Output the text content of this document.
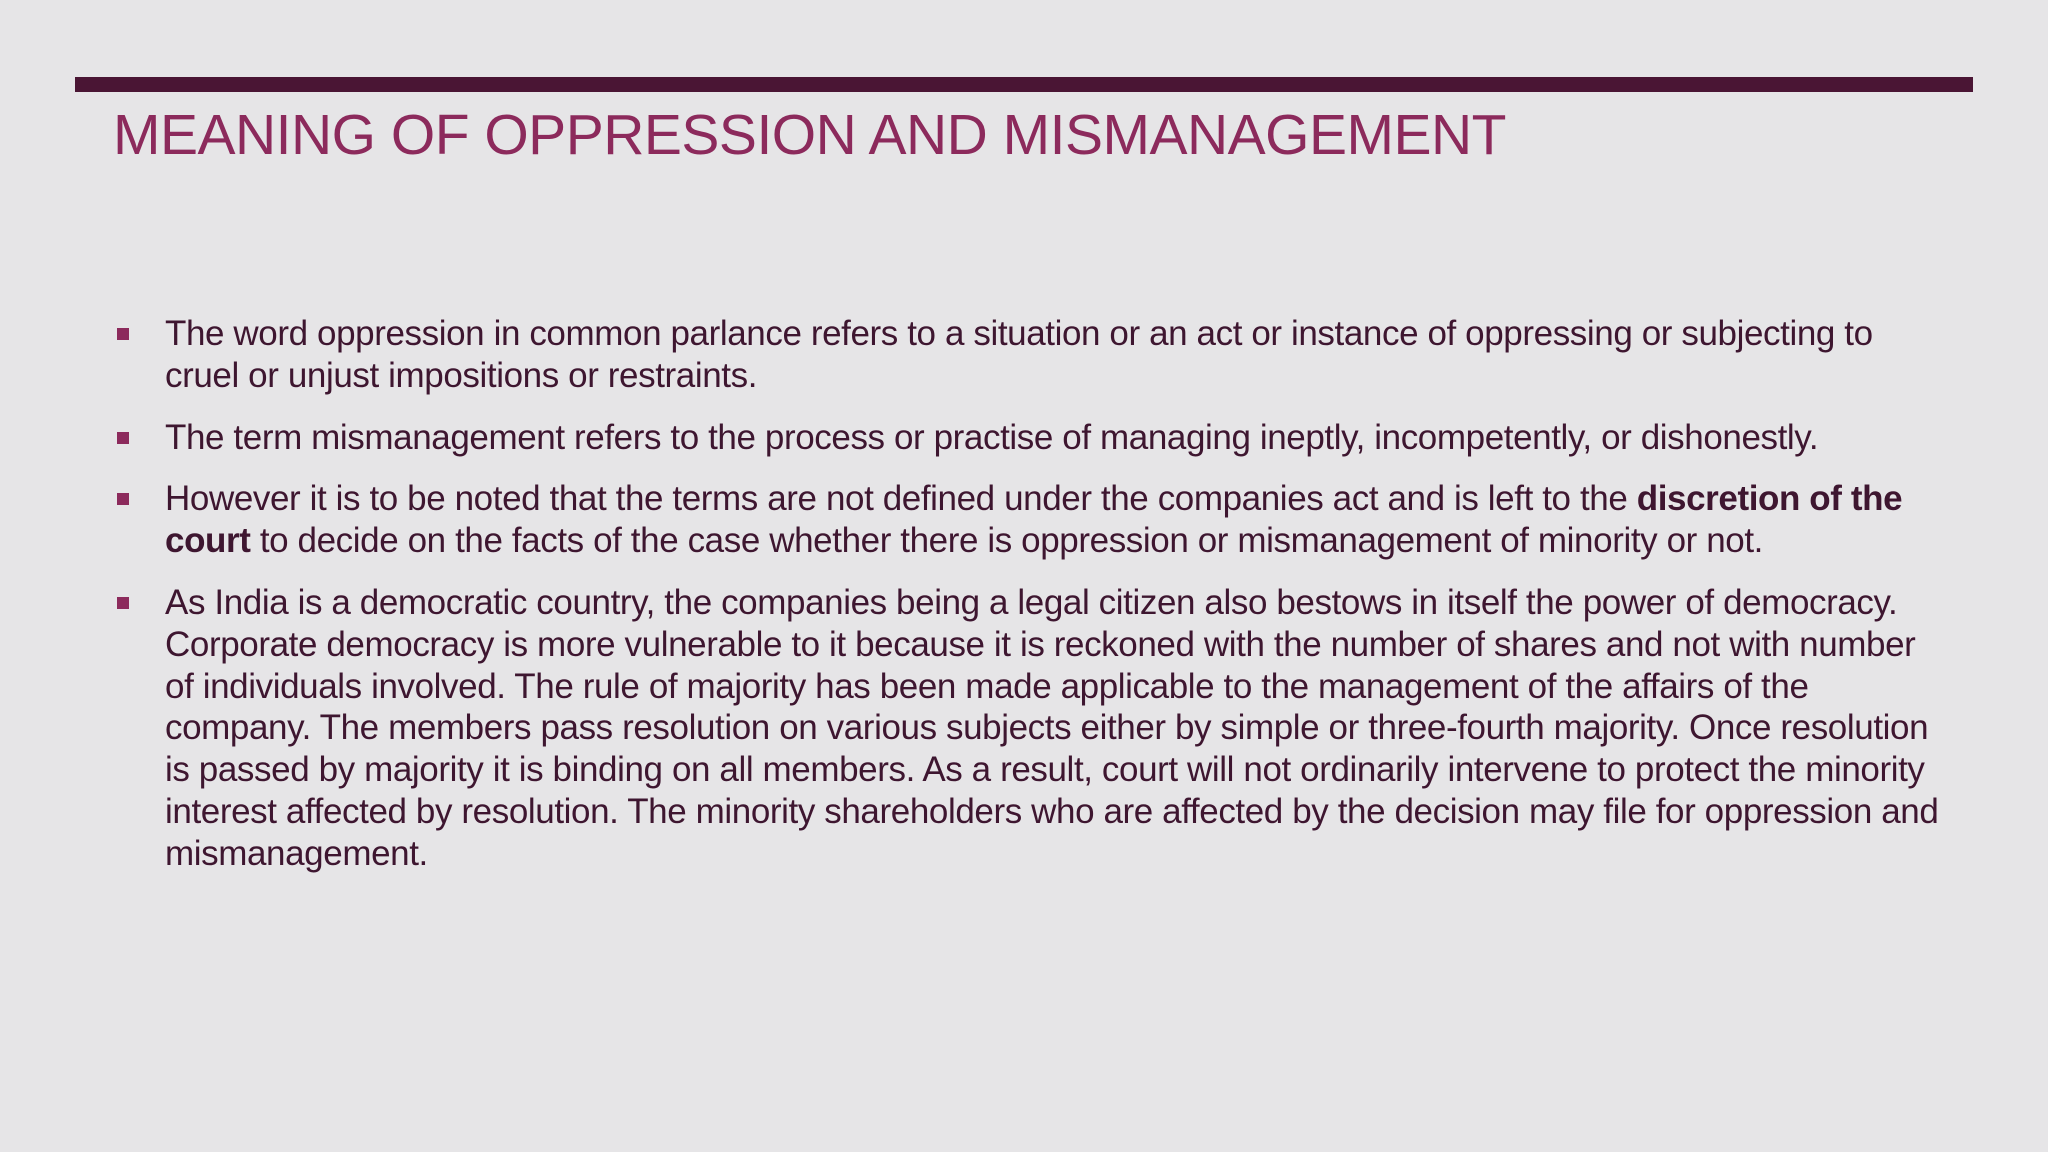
MEANING OF OPPRESSION AND MISMANAGEMENT
The word oppression in common parlance refers to a situation or an act or instance of oppressing or subjecting to cruel or unjust impositions or restraints.
The term mismanagement refers to the process or practise of managing ineptly, incompetently, or dishonestly.
However it is to be noted that the terms are not defined under the companies act and is left to the discretion of the court to decide on the facts of the case whether there is oppression or mismanagement of minority or not.
As India is a democratic country, the companies being a legal citizen also bestows in itself the power of democracy. Corporate democracy is more vulnerable to it because it is reckoned with the number of shares and not with number of individuals involved. The rule of majority has been made applicable to the management of the affairs of the company. The members pass resolution on various subjects either by simple or three-fourth majority. Once resolution is passed by majority it is binding on all members. As a result, court will not ordinarily intervene to protect the minority interest affected by resolution. The minority shareholders who are affected by the decision may file for oppression and mismanagement.
